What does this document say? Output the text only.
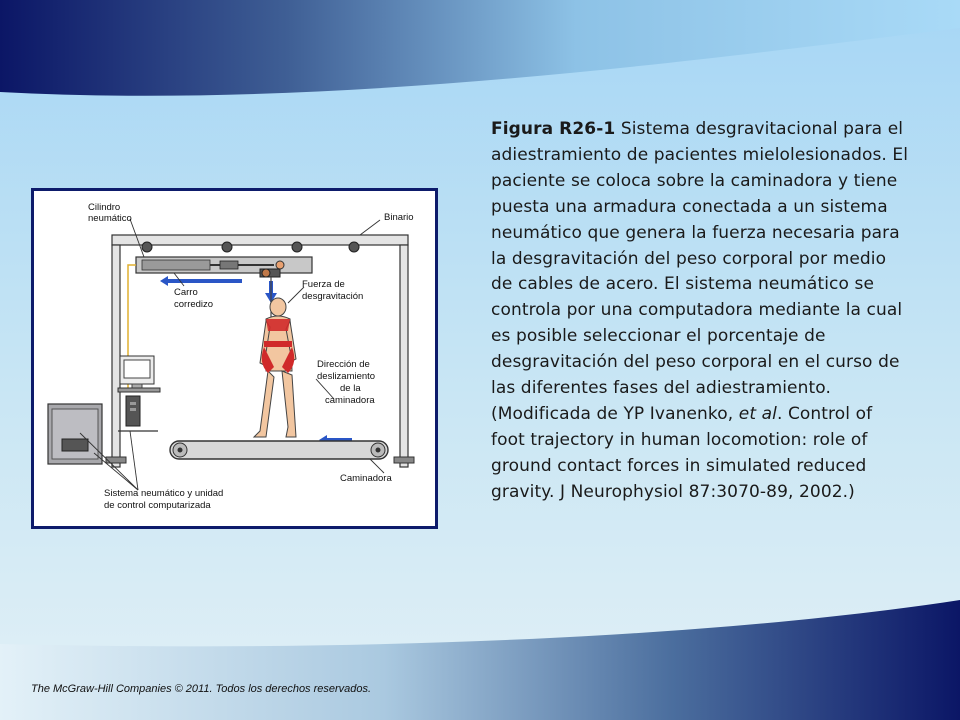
Cilindro
neumático	Binario
Carro
corredizo
Fuerza de
desgravitación
Dirección de
deslizamiento
de la
caminadora
Caminadora
Sistema neumático y unidad
de control computarizada
Figura R26-1 Sistema desgravitacional para el adiestramiento de pacientes mielolesionados. El paciente se coloca sobre la caminadora y tiene puesta una armadura conectada a un sistema neumático que genera la fuerza necesaria para la desgravitación del peso corporal por medio de cables de acero. El sistema neumático se controla por una computadora mediante la cual es posible seleccionar el porcentaje de desgravitación del peso corporal en el curso de las diferentes fases del adiestramiento. (Modificada de YP Ivanenko, et al. Control of foot trajectory in human locomotion: role of ground contact forces in simulated reduced gravity. J Neurophysiol 87:3070-89, 2002.)
The McGraw-Hill Companies © 2011. Todos los derechos reservados.
